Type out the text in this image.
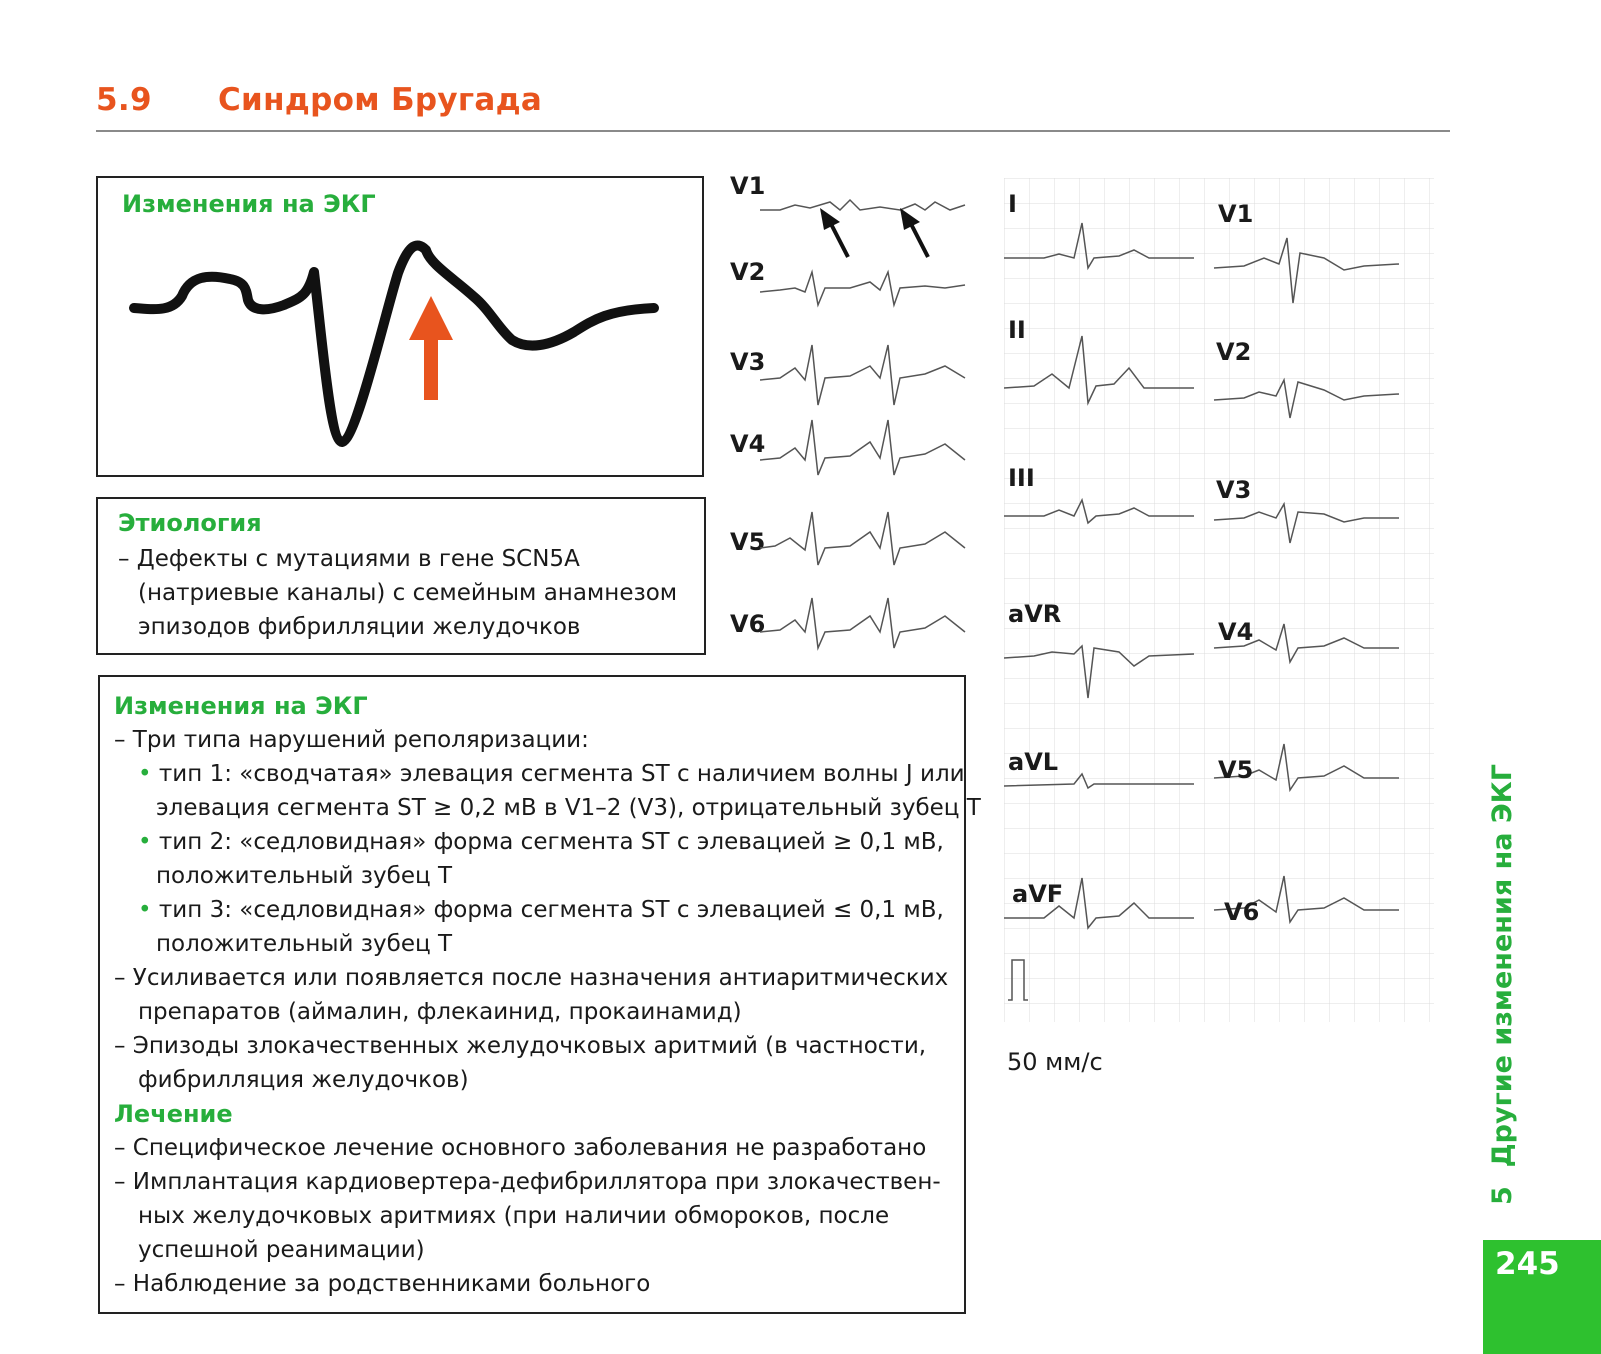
5.9 Синдром Бругада
Изменения на ЭКГ
Этиология
– Дефекты с мутациями в гене SCN5A
(натриевые каналы) с семейным анамнезом
эпизодов фибрилляции желудочков
Изменения на ЭКГ
– Три типа нарушений реполяризации:
• тип 1: «сводчатая» элевация сегмента ST с наличием волны J или
элевация сегмента ST ≥ 0,2 мВ в V1–2 (V3), отрицательный зубец T
• тип 2: «седловидная» форма сегмента ST с элевацией ≥ 0,1 мВ,
положительный зубец T
• тип 3: «седловидная» форма сегмента ST с элевацией ≤ 0,1 мВ,
положительный зубец T
– Усиливается или появляется после назначения антиаритмических
препаратов (аймалин, флекаинид, прокаинамид)
– Эпизоды злокачественных желудочковых аритмий (в частности,
фибрилляция желудочков)
Лечение
– Специфическое лечение основного заболевания не разработано
– Имплантация кардиовертера-дефибриллятора при злокачествен-
ных желудочковых аритмиях (при наличии обмороков, после
успешной реанимации)
– Наблюдение за родственниками больного
V1
V2
V3
V4
V5
V6
I
II
III
aVR
aVL
aVF
V1
V2
V3
V4
V5
V6
50 мм/с
5  Другие изменения на ЭКГ
245
